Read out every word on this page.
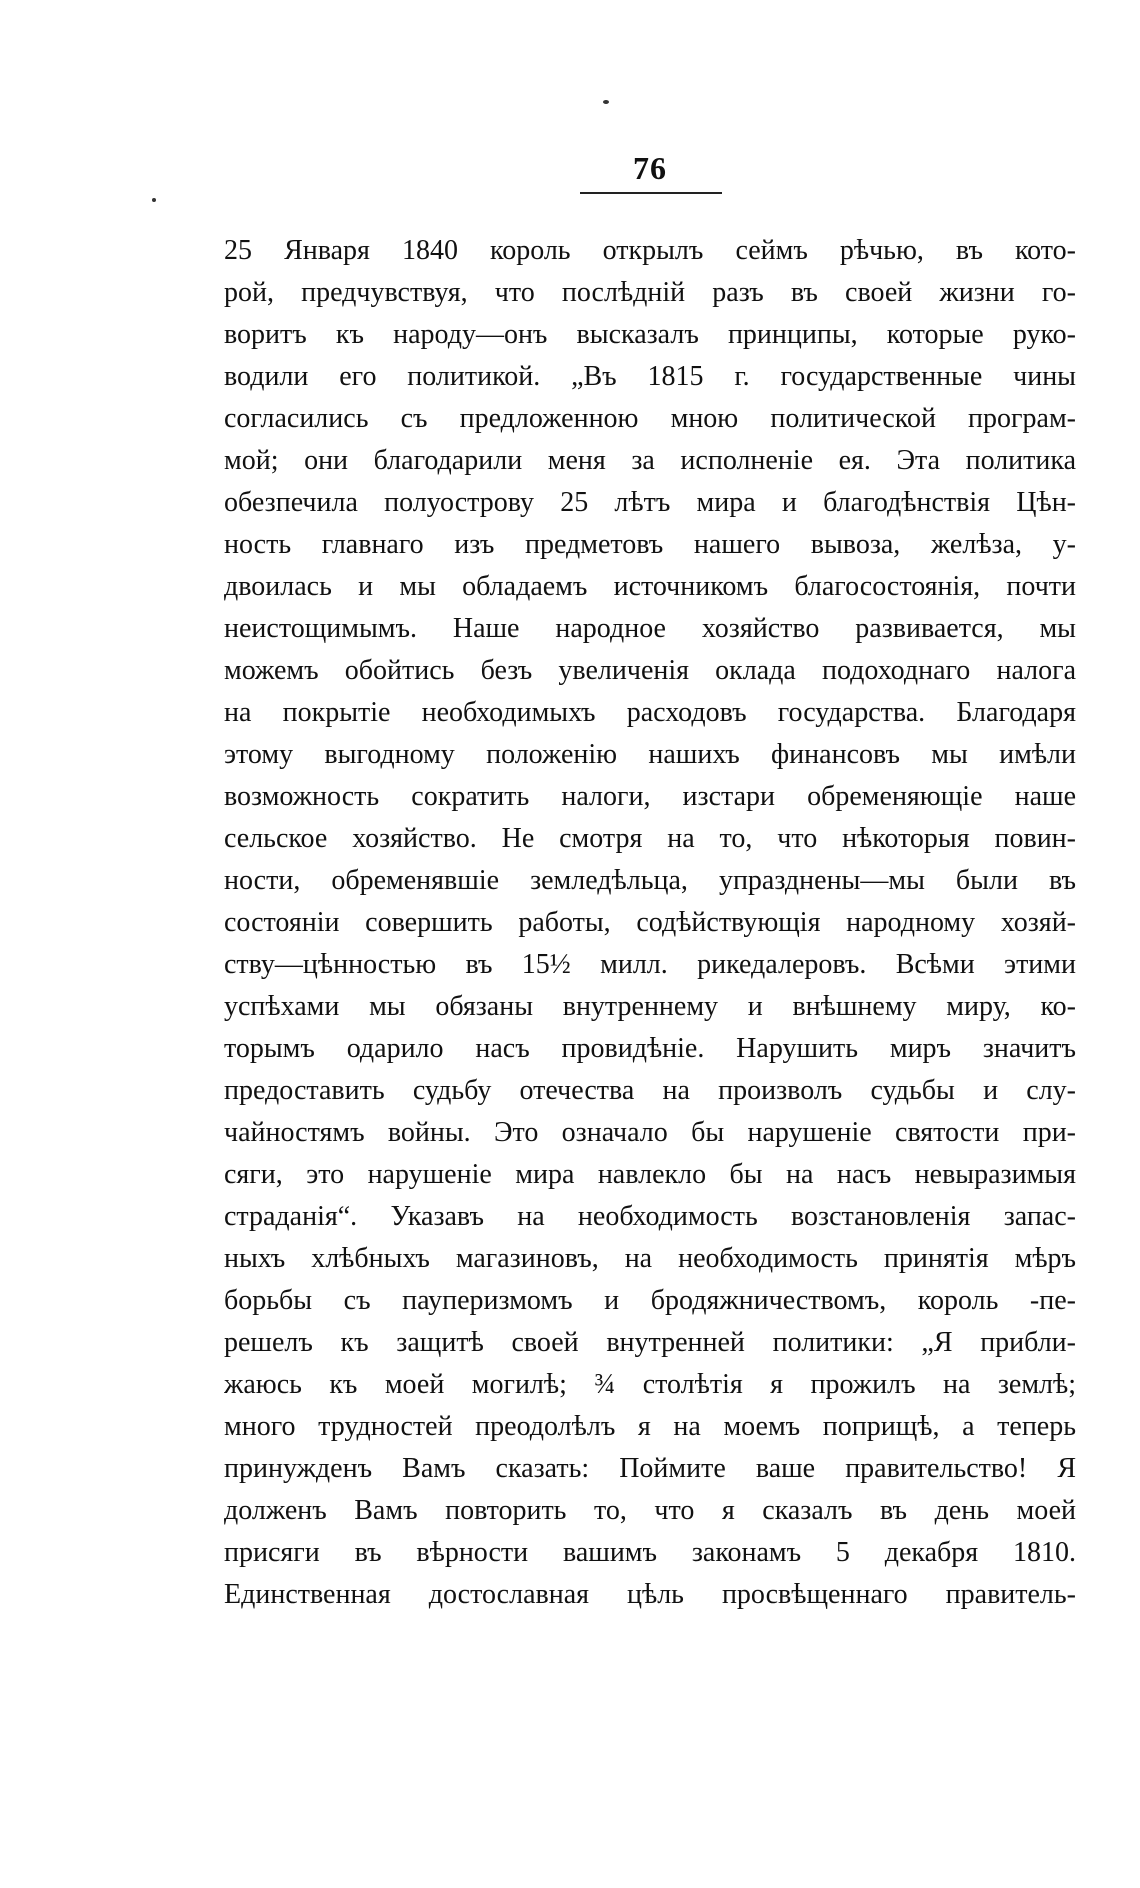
76
25 Января 1840 король открылъ сеймъ рѣчью, въ кото-
рой, предчувствуя, что послѣднiй разъ въ своей жизни го-
воритъ къ народу—онъ высказалъ принципы, которые руко-
водили его политикой. „Въ 1815 г. государственные чины
согласились съ предложенною мною политической програм-
мой; они благодарили меня за исполненiе ея. Эта политика
обезпечила полуострову 25 лѣтъ мира и благодѣнствiя Цѣн-
ность главнаго изъ предметовъ нашего вывоза, желѣза, у-
двоилась и мы обладаемъ источникомъ благосостоянiя, почти
неистощимымъ. Наше народное хозяйство развивается, мы
можемъ обойтись безъ увеличенiя оклада подоходнаго налога
на покрытiе необходимыхъ расходовъ государства. Благодаря
этому выгодному положенiю нашихъ финансовъ мы имѣли
возможность сократить налоги, изстари обременяющiе наше
сельское хозяйство. Не смотря на то, что нѣкоторыя повин-
ности, обременявшiе земледѣльца, упразднены—мы были въ
состоянiи совершить работы, содѣйствующiя народному хозяй-
ству—цѣнностью въ 15½ милл. рикедалеровъ. Всѣми этими
успѣхами мы обязаны внутреннему и внѣшнему миру, ко-
торымъ одарило насъ провидѣнiе. Нарушить миръ значитъ
предоставить судьбу отечества на произволъ судьбы и слу-
чайностямъ войны. Это означало бы нарушенiе святости при-
сяги, это нарушенiе мира навлекло бы на насъ невыразимыя
страданiя“. Указавъ на необходимость возстановленiя запас-
ныхъ хлѣбныхъ магазиновъ, на необходимость принятiя мѣръ
борьбы съ пауперизмомъ и бродяжничествомъ, король -пе-
решелъ къ защитѣ своей внутренней политики: „Я прибли-
жаюсь къ моей могилѣ; ¾ столѣтiя я прожилъ на землѣ;
много трудностей преодолѣлъ я на моемъ поприщѣ, а теперь
принужденъ Вамъ сказать: Поймите ваше правительство! Я
долженъ Вамъ повторить то, что я сказалъ въ день моей
присяги въ вѣрности вашимъ законамъ 5 декабря 1810.
Единственная достославная цѣль просвѣщеннаго правитель-
